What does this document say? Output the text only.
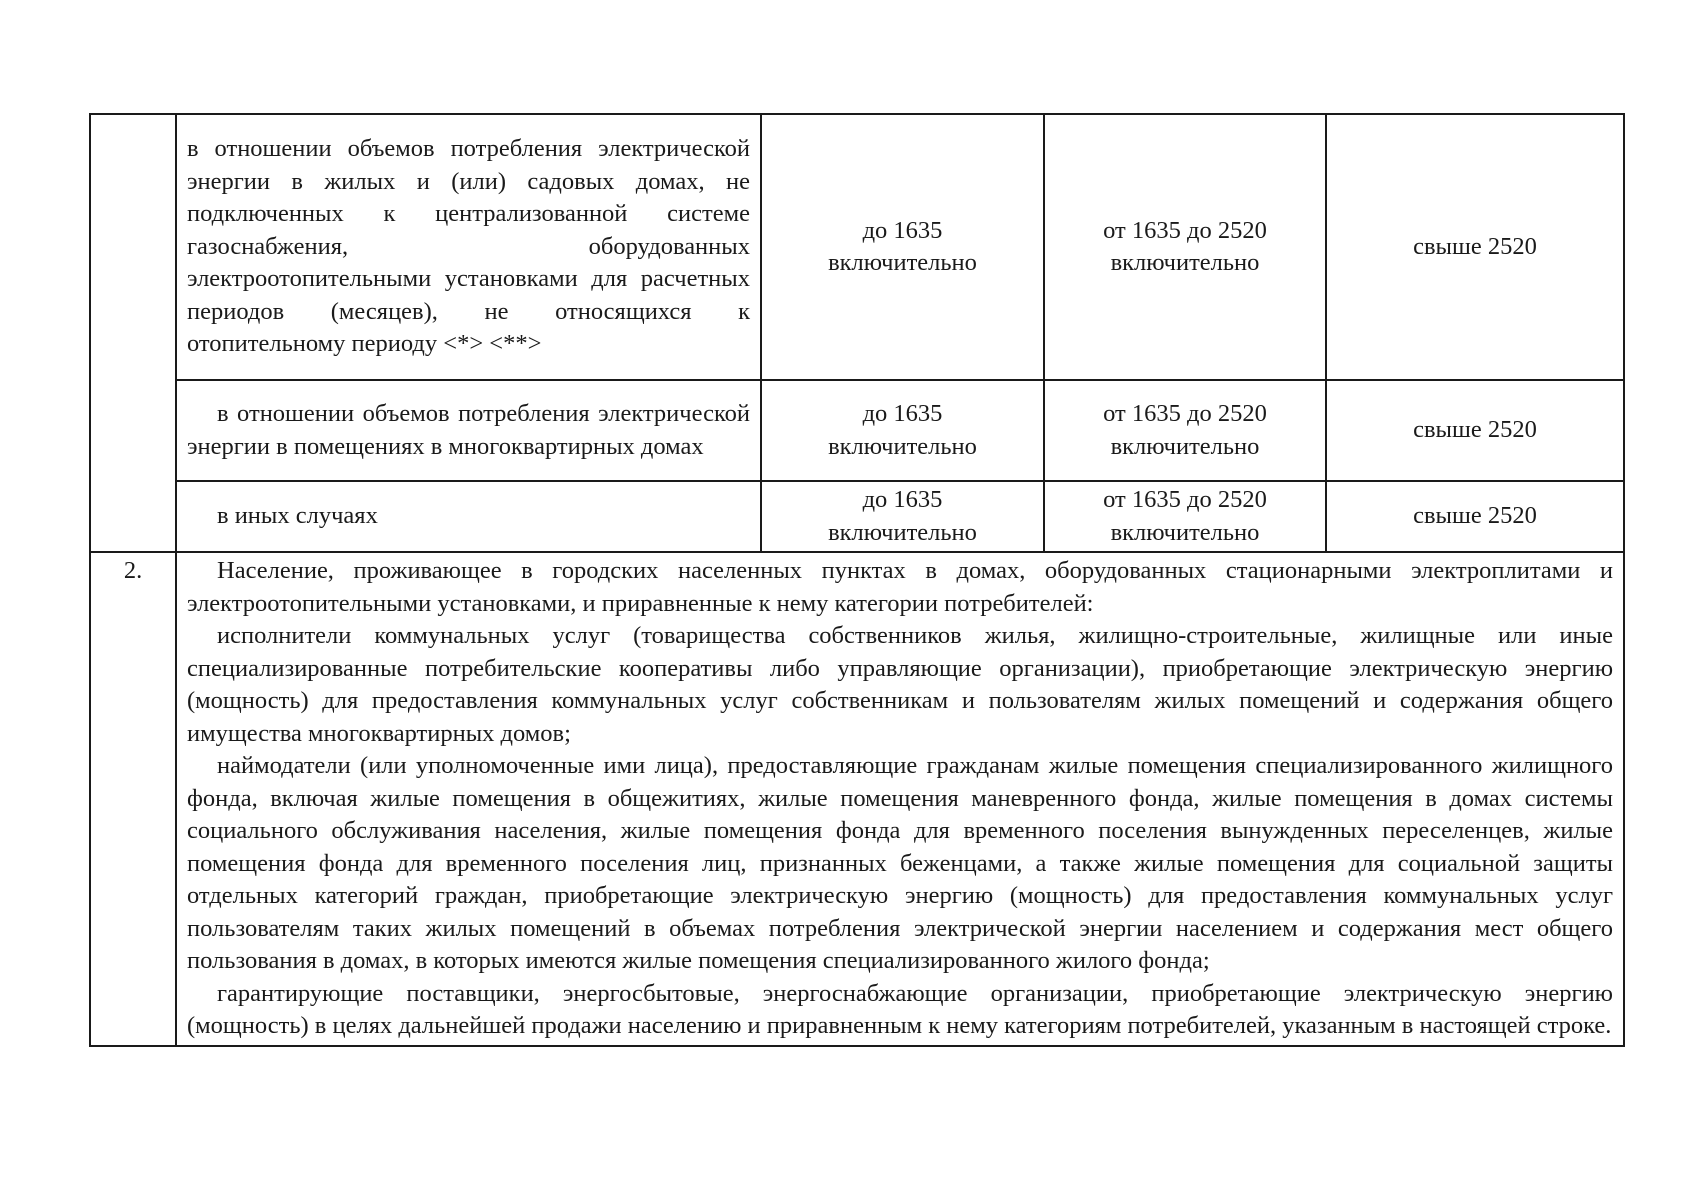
	в отношении объемов потребления электрической энергии в жилых и (или) садовых домах, не подключенных к централизованной системе газоснабжения, оборудованных электроотопительными установками для расчетных периодов (месяцев), не относящихся к отопительному периоду <*> <**>	до 1635
включительно	от 1635 до 2520
включительно	свыше 2520

	в отношении объемов потребления электрической энергии в помещениях в многоквартирных домах	до 1635
включительно	от 1635 до 2520
включительно	свыше 2520

	в иных случаях	до 1635
включительно	от 1635 до 2520
включительно	свыше 2520

2.	Население, проживающее в городских населенных пунктах в домах, оборудованных стационарными электроплитами и электроотопительными установками, и приравненные к нему категории потребителей:

исполнители коммунальных услуг (товарищества собственников жилья, жилищно-строительные, жилищные или иные специализированные потребительские кооперативы либо управляющие организации), приобретающие электрическую энергию (мощность) для предоставления коммунальных услуг собственникам и пользователям жилых помещений и содержания общего имущества многоквартирных домов;

наймодатели (или уполномоченные ими лица), предоставляющие гражданам жилые помещения специализированного жилищного фонда, включая жилые помещения в общежитиях, жилые помещения маневренного фонда, жилые помещения в домах системы социального обслуживания населения, жилые помещения фонда для временного поселения вынужденных переселенцев, жилые помещения фонда для временного поселения лиц, признанных беженцами, а также жилые помещения для социальной защиты отдельных категорий граждан, приобретающие электрическую энергию (мощность) для предоставления коммунальных услуг пользователям таких жилых помещений в объемах потребления электрической энергии населением и содержания мест общего пользования в домах, в которых имеются жилые помещения специализированного жилого фонда;

гарантирующие поставщики, энергосбытовые, энергоснабжающие организации, приобретающие электрическую энергию (мощность) в целях дальнейшей продажи населению и приравненным к нему категориям потребителей, указанным в настоящей строке.			
